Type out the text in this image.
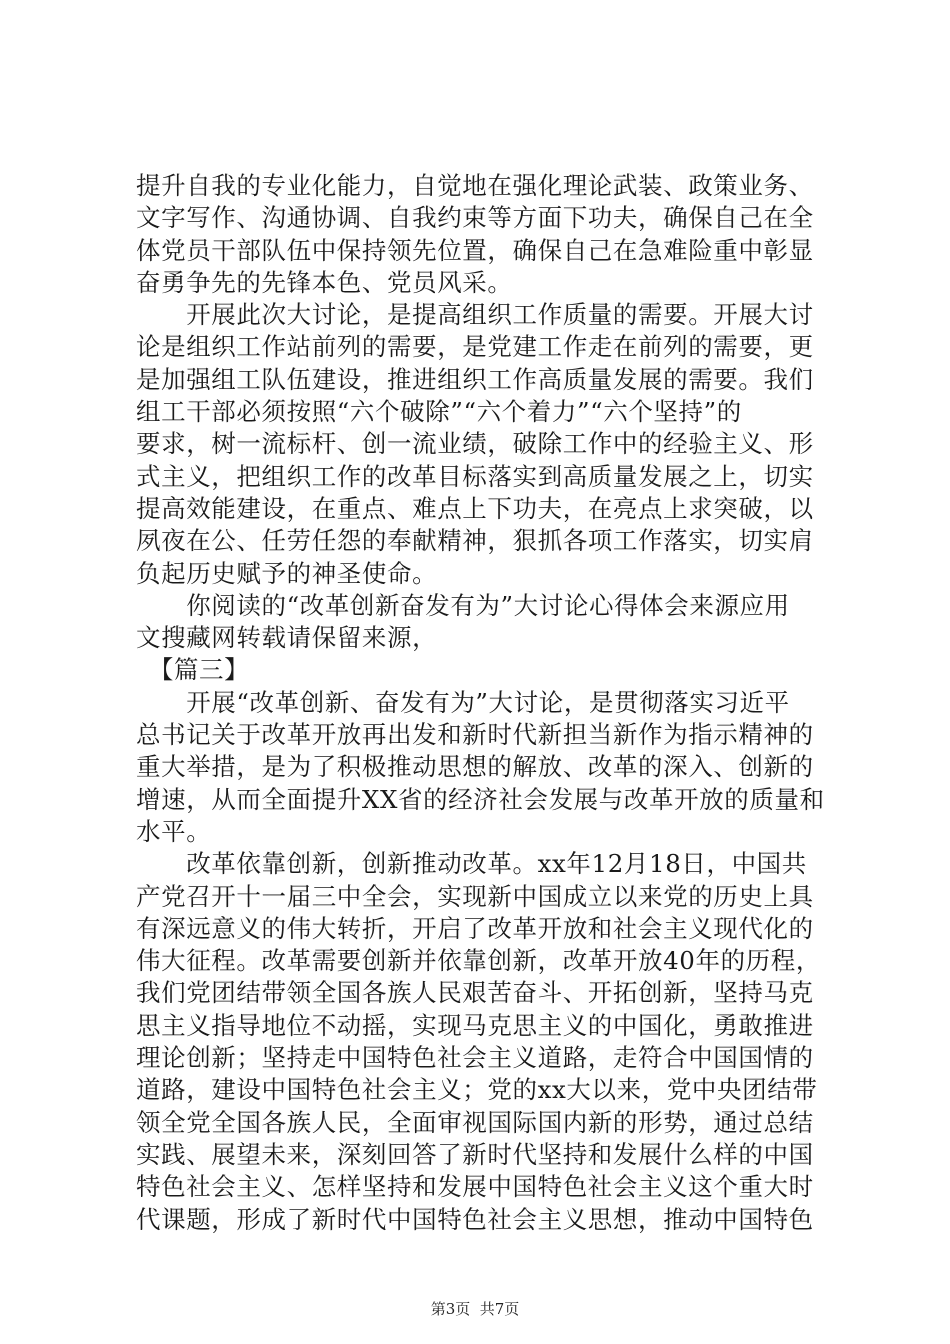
提升自我的专业化能力，自觉地在强化理论武装、政策业务、
文字写作、沟通协调、自我约束等方面下功夫，确保自己在全
体党员干部队伍中保持领先位置，确保自己在急难险重中彰显
奋勇争先的先锋本色、党员风采。
　　开展此次大讨论，是提高组织工作质量的需要。开展大讨
论是组织工作站前列的需要，是党建工作走在前列的需要，更
是加强组工队伍建设，推进组织工作高质量发展的需要。我们
组工干部必须按照“六个破除”“六个着力”“六个坚持”的
要求，树一流标杆、创一流业绩，破除工作中的经验主义、形
式主义，把组织工作的改革目标落实到高质量发展之上，切实
提高效能建设，在重点、难点上下功夫，在亮点上求突破，以
夙夜在公、任劳任怨的奉献精神，狠抓各项工作落实，切实肩
负起历史赋予的神圣使命。
　　你阅读的“改革创新奋发有为”大讨论心得体会来源应用
文搜藏网转载请保留来源，
　【篇三】
　　开展“改革创新、奋发有为”大讨论，是贯彻落实习近平
总书记关于改革开放再出发和新时代新担当新作为指示精神的
重大举措，是为了积极推动思想的解放、改革的深入、创新的
增速，从而全面提升XX省的经济社会发展与改革开放的质量和
水平。
　　改革依靠创新，创新推动改革。xx年12月18日，中国共
产党召开十一届三中全会，实现新中国成立以来党的历史上具
有深远意义的伟大转折，开启了改革开放和社会主义现代化的
伟大征程。改革需要创新并依靠创新，改革开放40年的历程，
我们党团结带领全国各族人民艰苦奋斗、开拓创新，坚持马克
思主义指导地位不动摇，实现马克思主义的中国化，勇敢推进
理论创新；坚持走中国特色社会主义道路，走符合中国国情的
道路，建设中国特色社会主义；党的xx大以来，党中央团结带
领全党全国各族人民，全面审视国际国内新的形势，通过总结
实践、展望未来，深刻回答了新时代坚持和发展什么样的中国
特色社会主义、怎样坚持和发展中国特色社会主义这个重大时
代课题，形成了新时代中国特色社会主义思想，推动中国特色
第3页  共7页
